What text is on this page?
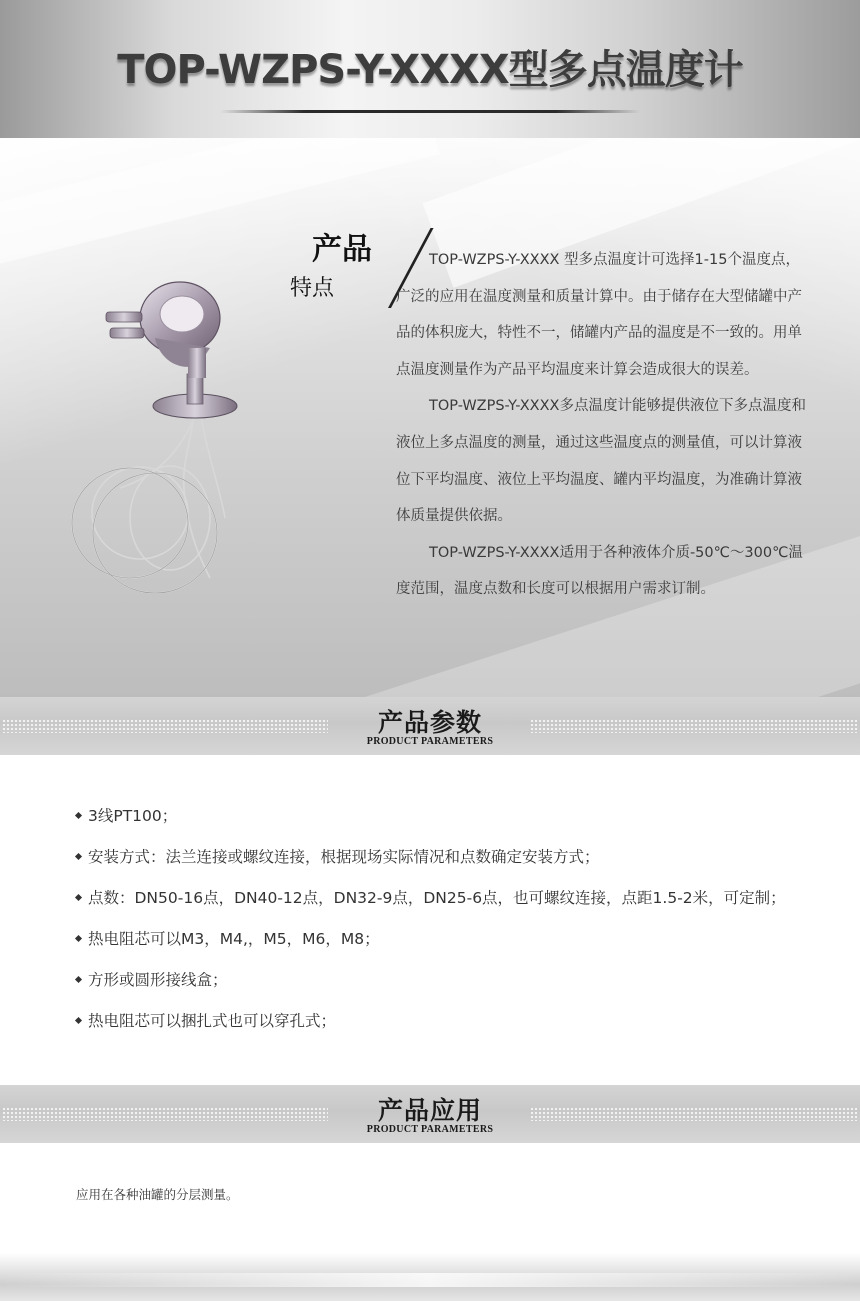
TOP-WZPS-Y-XXXX型多点温度计
产品
特点

TOP-WZPS-Y-XXXX 型多点温度计可选择1-15个温度点，广泛的应用在温度测量和质量计算中。由于储存在大型储罐中产品的体积庞大，特性不一，储罐内产品的温度是不一致的。用单点温度测量作为产品平均温度来计算会造成很大的误差。

TOP-WZPS-Y-XXXX多点温度计能够提供液位下多点温度和液位上多点温度的测量，通过这些温度点的测量值，可以计算液位下平均温度、液位上平均温度、罐内平均温度，为准确计算液体质量提供依据。

TOP-WZPS-Y-XXXX适用于各种液体介质-50℃～300℃温度范围，温度点数和长度可以根据用户需求订制。

产品参数
PRODUCT PARAMETERS
3线PT100；
安装方式：法兰连接或螺纹连接，根据现场实际情况和点数确定安装方式；
点数：DN50-16点，DN40-12点，DN32-9点，DN25-6点，也可螺纹连接，点距1.5-2米，可定制；
热电阻芯可以M3，M4,，M5，M6，M8；
方形或圆形接线盒；
热电阻芯可以捆扎式也可以穿孔式；
产品应用
PRODUCT PARAMETERS
应用在各种油罐的分层测量。
